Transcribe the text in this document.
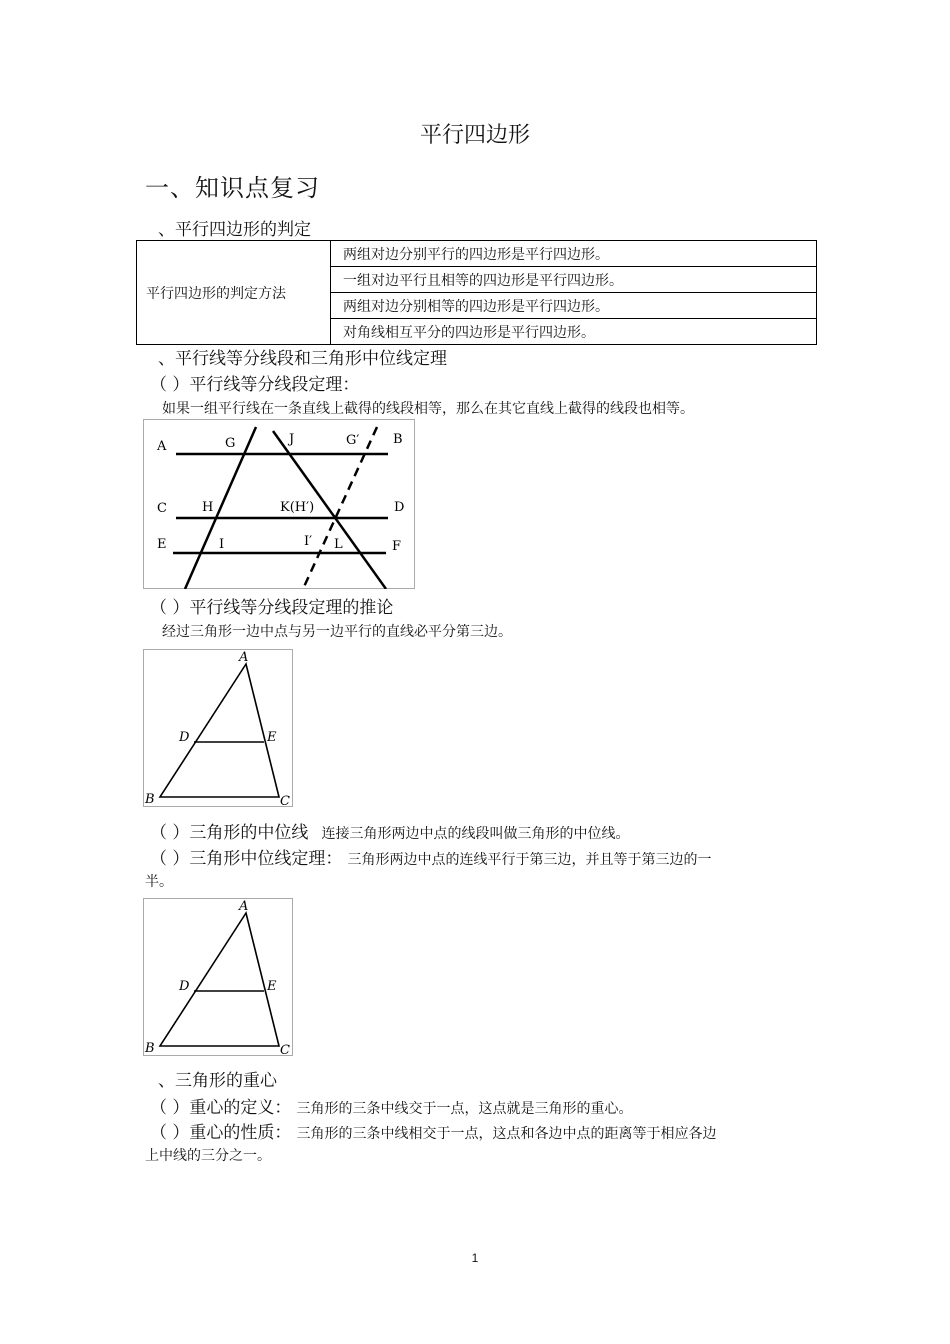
平行四边形
一、知识点复习
、平行四边形的判定
平行四边形的判定方法	两组对边分别平行的四边形是平行四边形。
一组对边平行且相等的四边形是平行四边形。
两组对边分别相等的四边形是平行四边形。
对角线相互平分的四边形是平行四边形。
、平行线等分线段和三角形中位线定理
（ ）平行线等分线段定理：
如果一组平行线在一条直线上截得的线段相等，那么在其它直线上截得的线段也相等。
A	G	J	G′	B
C	H	K(H′)	D
E	I	I′ L	F
（ ）平行线等分线段定理的推论
经过三角形一边中点与另一边平行的直线必平分第三边。
A
D	E
B	C
（ ）三角形的中位线 连接三角形两边中点的线段叫做三角形的中位线。
（ ）三角形中位线定理： 三角形两边中点的连线平行于第三边，并且等于第三边的一
半。
A
D	E
B	C
、三角形的重心
（ ）重心的定义： 三角形的三条中线交于一点，这点就是三角形的重心。
（ ）重心的性质： 三角形的三条中线相交于一点，这点和各边中点的距离等于相应各边
上中线的三分之一。
1
